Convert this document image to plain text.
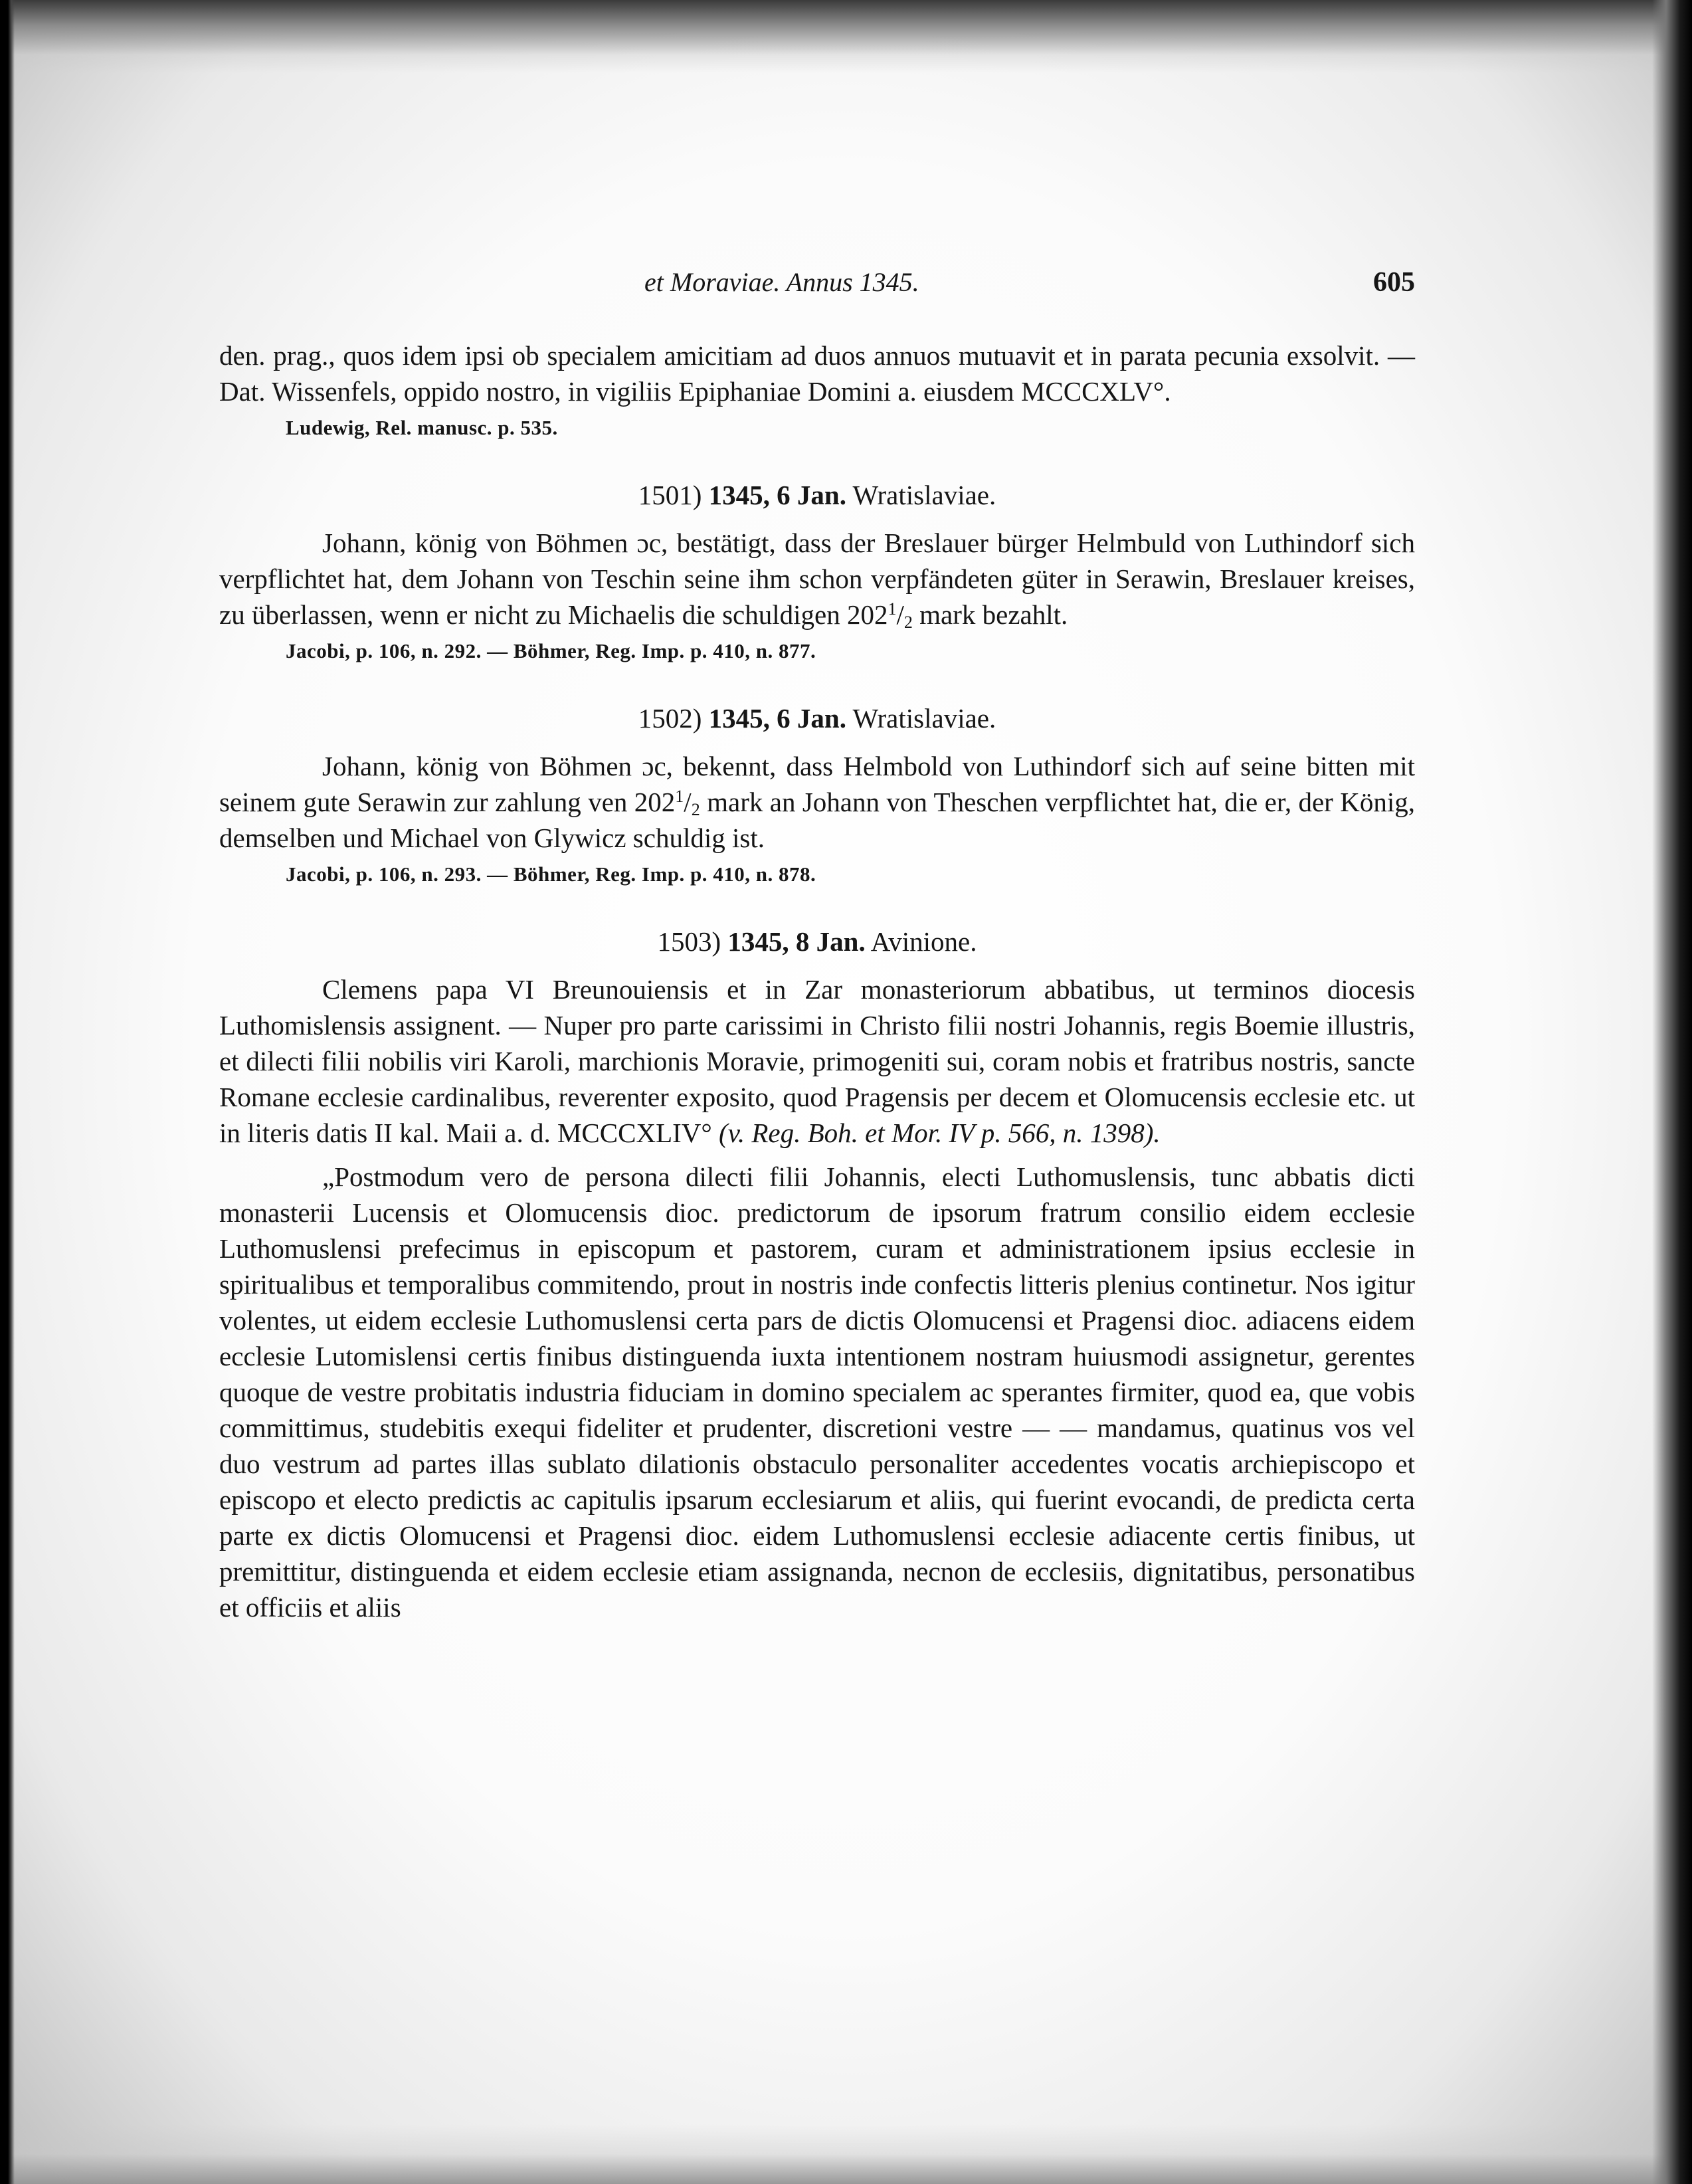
et Moraviae. Annus 1345.	605

den. prag., quos idem ipsi ob specialem amicitiam ad duos annuos mutuavit et in parata pecunia exsolvit. — Dat. Wissenfels, oppido nostro, in vigiliis Epiphaniae Domini a. eiusdem MCCCXLV°.

Ludewig, Rel. manusc. p. 535.

1501) 1345, 6 Jan. Wratislaviae.

Johann, könig von Böhmen ɔc, bestätigt, dass der Breslauer bürger Helmbuld von Luthindorf sich verpflichtet hat, dem Johann von Teschin seine ihm schon verpfändeten güter in Serawin, Breslauer kreises, zu überlassen, wenn er nicht zu Michaelis die schuldigen $202^1/_2$ mark bezahlt.

Jacobi, p. 106, n. 292. — Böhmer, Reg. Imp. p. 410, n. 877.

1502) 1345, 6 Jan. Wratislaviae.

Johann, könig von Böhmen ɔc, bekennt, dass Helmbold von Luthindorf sich auf seine bitten mit seinem gute Serawin zur zahlung ven $202^1/_2$ mark an Johann von Theschen verpflichtet hat, die er, der König, demselben und Michael von Glywicz schuldig ist.

Jacobi, p. 106, n. 293. — Böhmer, Reg. Imp. p. 410, n. 878.

1503) 1345, 8 Jan. Avinione.

Clemens papa VI Breunouiensis et in Zar monasteriorum abbatibus, ut terminos diocesis Luthomislensis assignent. — Nuper pro parte carissimi in Christo filii nostri Johannis, regis Boemie illustris, et dilecti filii nobilis viri Karoli, marchionis Moravie, primogeniti sui, coram nobis et fratribus nostris, sancte Romane ecclesie cardinalibus, reverenter exposito, quod Pragensis per decem et Olomucensis ecclesie etc. ut in literis datis II kal. Maii a. d. MCCCXLIV° (v. Reg. Boh. et Mor. IV p. 566, n. 1398).

„Postmodum vero de persona dilecti filii Johannis, electi Luthomuslensis, tunc abbatis dicti monasterii Lucensis et Olomucensis dioc. predictorum de ipsorum fratrum consilio eidem ecclesie Luthomuslensi prefecimus in episcopum et pastorem, curam et administrationem ipsius ecclesie in spiritualibus et temporalibus commitendo, prout in nostris inde confectis litteris plenius continetur. Nos igitur volentes, ut eidem ecclesie Luthomuslensi certa pars de dictis Olomucensi et Pragensi dioc. adiacens eidem ecclesie Lutomislensi certis finibus distinguenda iuxta intentionem nostram huiusmodi assignetur, gerentes quoque de vestre probitatis industria fiduciam in domino specialem ac sperantes firmiter, quod ea, que vobis committimus, studebitis exequi fideliter et prudenter, discretioni vestre — — mandamus, quatinus vos vel duo vestrum ad partes illas sublato dilationis obstaculo personaliter accedentes vocatis archiepiscopo et episcopo et electo predictis ac capitulis ipsarum ecclesiarum et aliis, qui fuerint evocandi, de predicta certa parte ex dictis Olomucensi et Pragensi dioc. eidem Luthomuslensi ecclesie adiacente certis finibus, ut premittitur, distinguenda et eidem ecclesie etiam assignanda, necnon de ecclesiis, dignitatibus, personatibus et officiis et aliis
